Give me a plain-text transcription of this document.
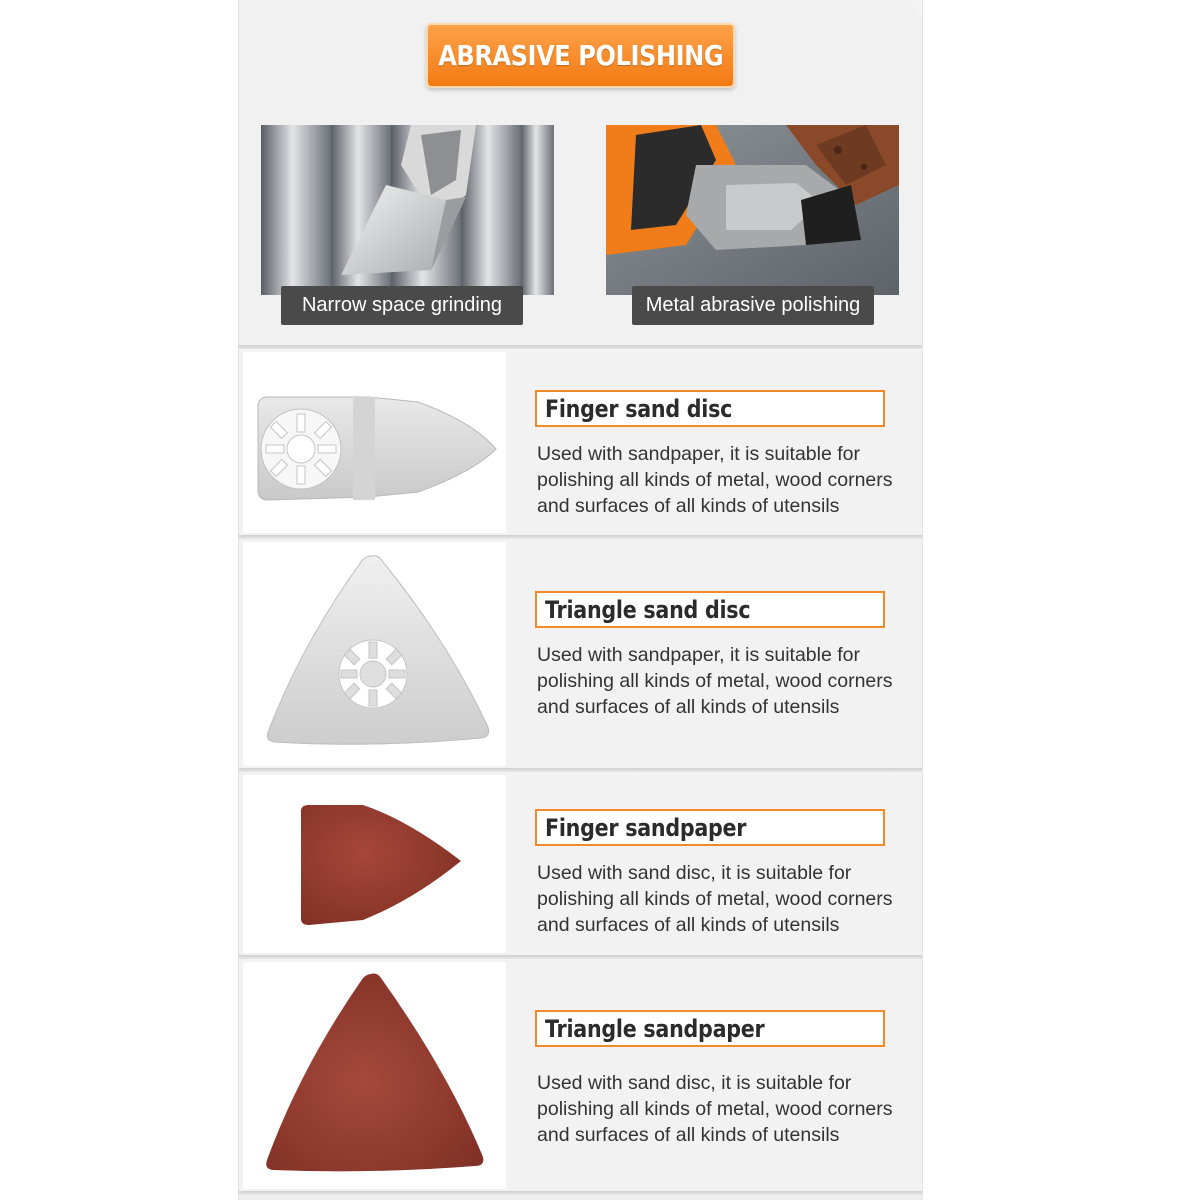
ABRASIVE POLISHING
Narrow space grinding	Metal abrasive polishing
Finger sand disc
Used with sandpaper, it is suitable for polishing all kinds of metal, wood corners and surfaces of all kinds of utensils
Triangle sand disc
Used with sandpaper, it is suitable for polishing all kinds of metal, wood corners and surfaces of all kinds of utensils
Finger sandpaper
Used with sand disc, it is suitable for polishing all kinds of metal, wood corners and surfaces of all kinds of utensils
Triangle sandpaper
Used with sand disc, it is suitable for polishing all kinds of metal, wood corners and surfaces of all kinds of utensils
